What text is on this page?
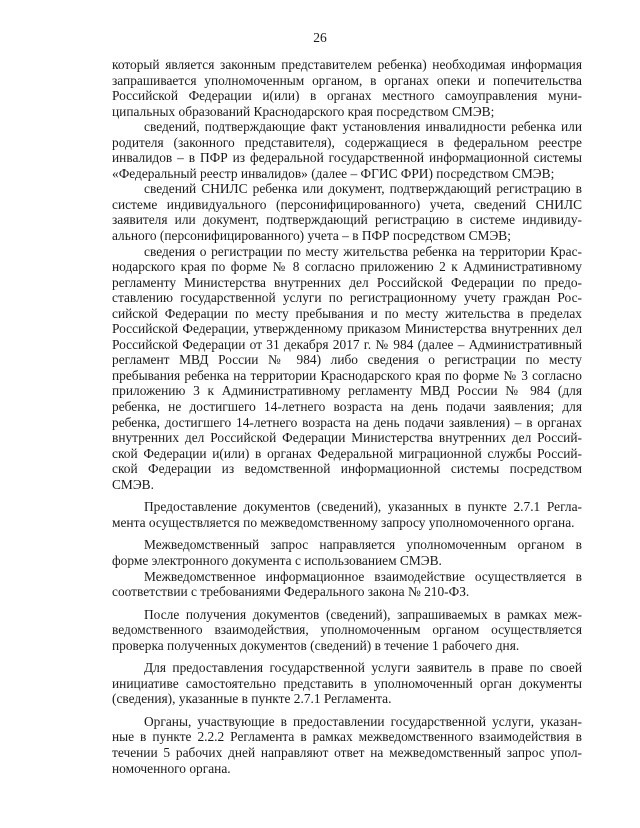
26

который является законным представителем ребенка) необходимая информация запрашивается уполномоченным органом, в органах опеки и попечительства Российской Федерации и(или) в органах местного самоуправления муниципальных образований Краснодарского края посредством СМЭВ;

сведений, подтверждающие факт установления инвалидности ребенка или родителя (законного представителя), содержащиеся в федеральном реестре инвалидов – в ПФР из федеральной государственной информационной системы «Федеральный реестр инвалидов» (далее – ФГИС ФРИ) посредством СМЭВ;

сведений СНИЛС ребенка или документ, подтверждающий регистрацию в системе индивидуального (персонифицированного) учета, сведений СНИЛС заявителя или документ, подтверждающий регистрацию в системе индивидуального (персонифицированного) учета – в ПФР посредством СМЭВ;

сведения о регистрации по месту жительства ребенка на территории Краснодарского края по форме № 8 согласно приложению 2 к Административному регламенту Министерства внутренних дел Российской Федерации по предоставлению государственной услуги по регистрационному учету граждан Российской Федерации по месту пребывания и по месту жительства в пределах Российской Федерации, утвержденному приказом Министерства внутренних дел Российской Федерации от 31 декабря 2017 г. № 984 (далее – Административный регламент МВД России № 984) либо сведения о регистрации по месту пребывания ребенка на территории Краснодарского края по форме № 3 согласно приложению 3 к Административному регламенту МВД России № 984 (для ребенка, не достигшего 14-летнего возраста на день подачи заявления; для ребенка, достигшего 14-летнего возраста на день подачи заявления) – в органах внутренних дел Российской Федерации Министерства внутренних дел Российской Федерации и(или) в органах Федеральной миграционной службы Российской Федерации из ведомственной информационной системы посредством СМЭВ.

Предоставление документов (сведений), указанных в пункте 2.7.1 Регламента осуществляется по межведомственному запросу уполномоченного органа.

Межведомственный запрос направляется уполномоченным органом в форме электронного документа с использованием СМЭВ.

Межведомственное информационное взаимодействие осуществляется в соответствии с требованиями Федерального закона № 210-ФЗ.

После получения документов (сведений), запрашиваемых в рамках межведомственного взаимодействия, уполномоченным органом осуществляется проверка полученных документов (сведений) в течение 1 рабочего дня.

Для предоставления государственной услуги заявитель в праве по своей инициативе самостоятельно представить в уполномоченный орган документы (сведения), указанные в пункте 2.7.1 Регламента.

Органы, участвующие в предоставлении государственной услуги, указанные в пункте 2.2.2 Регламента в рамках межведомственного взаимодействия в течении 5 рабочих дней направляют ответ на межведомственный запрос уполномоченного органа.
